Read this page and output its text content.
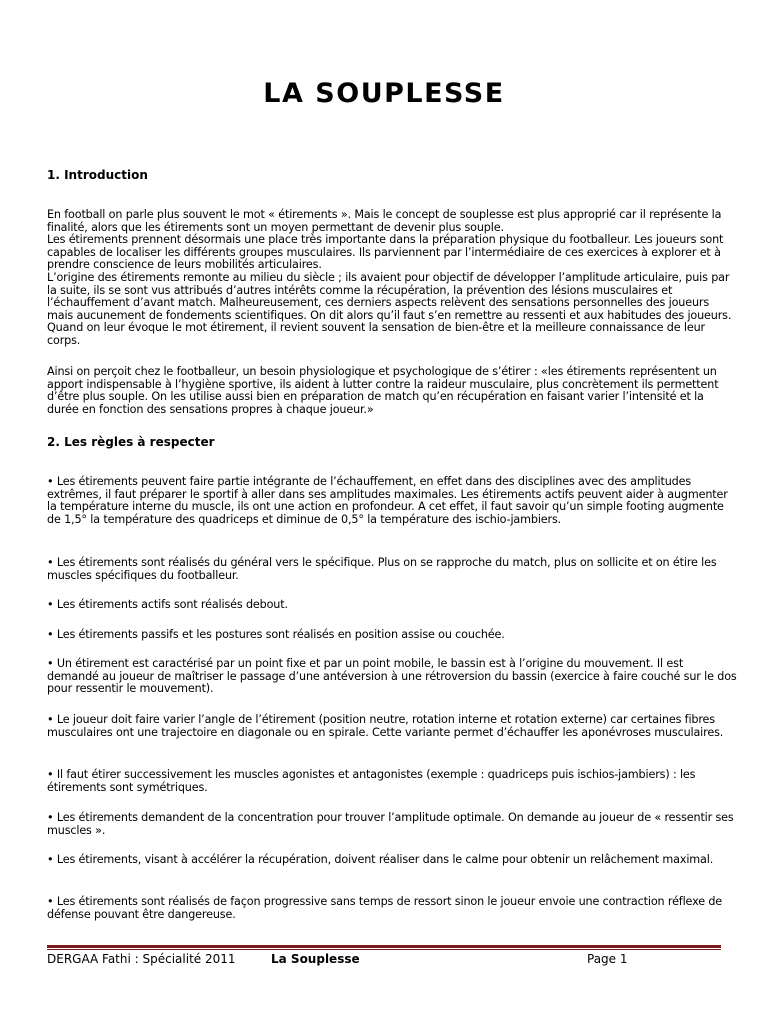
LA SOUPLESSE
1. Introduction

En football on parle plus souvent le mot « étirements ». Mais le concept de souplesse est plus approprié car il représente la finalité, alors que les étirements sont un moyen permettant de devenir plus souple.

Les étirements prennent désormais une place très importante dans la préparation physique du footballeur. Les joueurs sont capables de localiser les différents groupes musculaires. Ils parviennent par l’intermédiaire de ces exercices à explorer et à prendre conscience de leurs mobilités articulaires.

L’origine des étirements remonte au milieu du siècle ; ils avaient pour objectif de développer l’amplitude articulaire, puis par la suite, ils se sont vus attribués d’autres intérêts comme la récupération, la prévention des lésions musculaires et l’échauffement d’avant match. Malheureusement, ces derniers aspects relèvent des sensations personnelles des joueurs mais aucunement de fondements scientifiques. On dit alors qu’il faut s’en remettre au ressenti et aux habitudes des joueurs. Quand on leur évoque le mot étirement, il revient souvent la sensation de bien-être et la meilleure connaissance de leur corps.

Ainsi on perçoit chez le footballeur, un besoin physiologique et psychologique de s’étirer : «les étirements représentent un apport indispensable à l’hygiène sportive, ils aident à lutter contre la raideur musculaire, plus concrètement ils permettent d’être plus souple. On les utilise aussi bien en préparation de match qu’en récupération en faisant varier l’intensité et la durée en fonction des sensations propres à chaque joueur.»
2. Les règles à respecter
• Les étirements peuvent faire partie intégrante de l’échauffement, en effet dans des disciplines avec des amplitudes extrêmes, il faut préparer le sportif à aller dans ses amplitudes maximales. Les étirements actifs peuvent aider à augmenter la température interne du muscle, ils ont une action en profondeur. A cet effet, il faut savoir qu’un simple footing augmente de 1,5° la température des quadriceps et diminue de 0,5° la température des ischio-jambiers.
• Les étirements sont réalisés du général vers le spécifique. Plus on se rapproche du match, plus on sollicite et on étire les muscles spécifiques du footballeur.
• Les étirements actifs sont réalisés debout.
• Les étirements passifs et les postures sont réalisés en position assise ou couchée.
• Un étirement est caractérisé par un point fixe et par un point mobile, le bassin est à l’origine du mouvement. Il est demandé au joueur de maîtriser le passage d’une antéversion à une rétroversion du bassin (exercice à faire couché sur le dos pour ressentir le mouvement).
• Le joueur doit faire varier l’angle de l’étirement (position neutre, rotation interne et rotation externe) car certaines fibres musculaires ont une trajectoire en diagonale ou en spirale. Cette variante permet d’échauffer les aponévroses musculaires.
• Il faut étirer successivement les muscles agonistes et antagonistes (exemple : quadriceps puis ischios-jambiers) : les étirements sont symétriques.
• Les étirements demandent de la concentration pour trouver l’amplitude optimale. On demande au joueur de « ressentir ses muscles ».
• Les étirements, visant à accélérer la récupération, doivent réaliser dans le calme pour obtenir un relâchement maximal.
• Les étirements sont réalisés de façon progressive sans temps de ressort sinon le joueur envoie une contraction réflexe de défense pouvant être dangereuse.
DERGAA Fathi : Spécialité 2011	La Souplesse	Page 1
